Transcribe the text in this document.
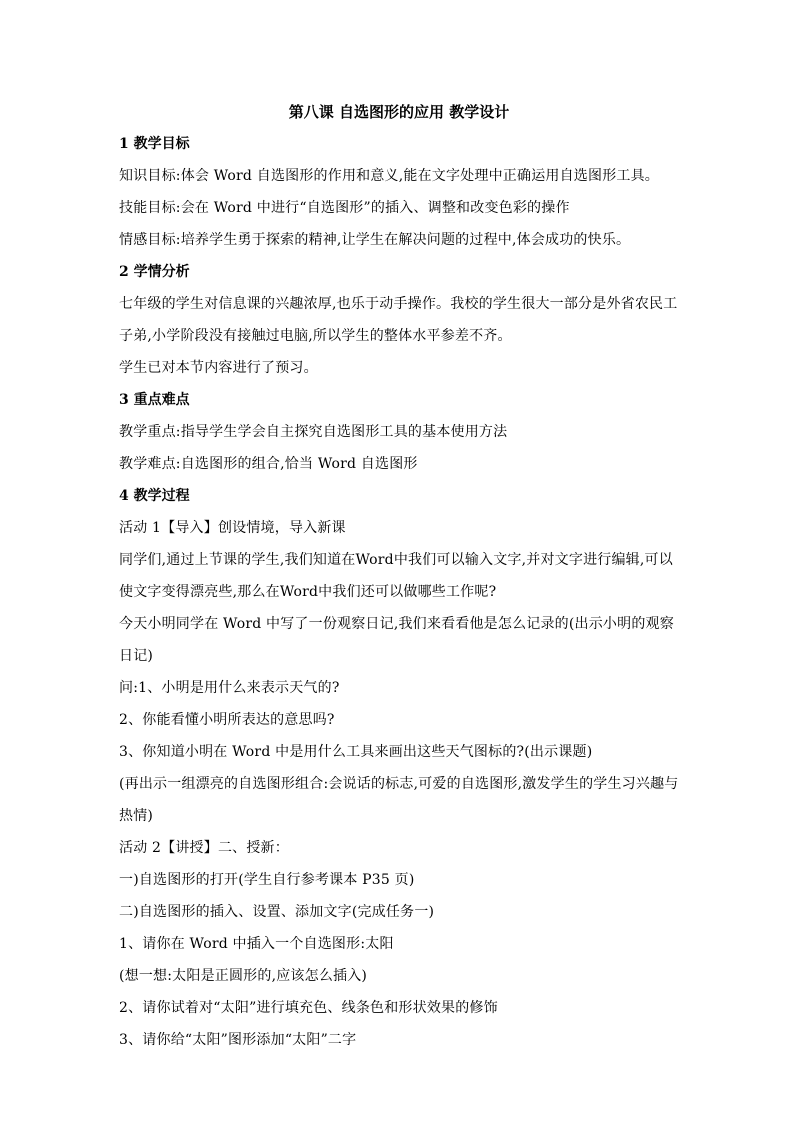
第八课 自选图形的应用 教学设计
1 教学目标
知识目标:体会 Word 自选图形的作用和意义,能在文字处理中正确运用自选图形工具。
技能目标:会在 Word 中进行“自选图形”的插入、调整和改变色彩的操作
情感目标:培养学生勇于探索的精神,让学生在解决问题的过程中,体会成功的快乐。
2 学情分析
七年级的学生对信息课的兴趣浓厚,也乐于动手操作。我校的学生很大一部分是外省农民工子弟,小学阶段没有接触过电脑,所以学生的整体水平参差不齐。
学生已对本节内容进行了预习。
3 重点难点
教学重点:指导学生学会自主探究自选图形工具的基本使用方法
教学难点:自选图形的组合,恰当 Word 自选图形
4 教学过程
活动 1【导入】创设情境，导入新课
同学们,通过上节课的学生,我们知道在Word中我们可以输入文字,并对文字进行编辑,可以使文字变得漂亮些,那么在Word中我们还可以做哪些工作呢?
今天小明同学在 Word 中写了一份观察日记,我们来看看他是怎么记录的(出示小明的观察日记)
问:1、小明是用什么来表示天气的?
2、你能看懂小明所表达的意思吗?
3、你知道小明在 Word 中是用什么工具来画出这些天气图标的?(出示课题)
(再出示一组漂亮的自选图形组合:会说话的标志,可爱的自选图形,激发学生的学生习兴趣与热情)
活动 2【讲授】二、授新：
一)自选图形的打开(学生自行参考课本 P35 页)
二)自选图形的插入、设置、添加文字(完成任务一)
1、请你在 Word 中插入一个自选图形:太阳
(想一想:太阳是正圆形的,应该怎么插入)
2、请你试着对“太阳”进行填充色、线条色和形状效果的修饰
3、请你给“太阳”图形添加“太阳”二字
